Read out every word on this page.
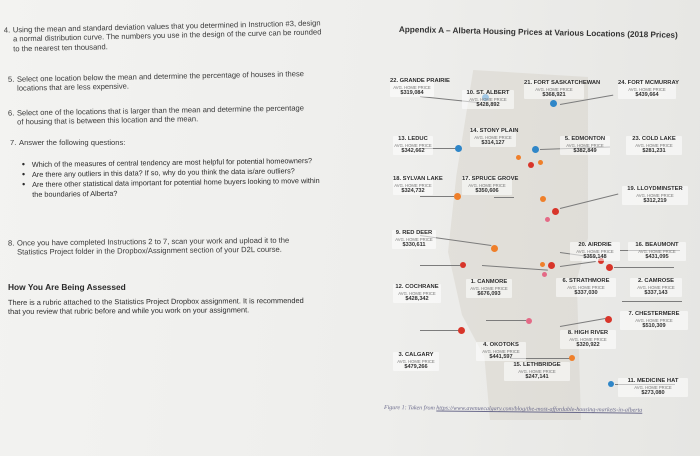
4. Using the mean and standard deviation values that you determined in Instruction #3, design a normal distribution curve. The numbers you use in the design of the curve can be rounded to the nearest ten thousand.
5. Select one location below the mean and determine the percentage of houses in these locations that are less expensive.
6. Select one of the locations that is larger than the mean and determine the percentage of housing that is between this location and the mean.
7. Answer the following questions:
• Which of the measures of central tendency are most helpful for potential homeowners?
• Are there any outliers in this data? If so, why do you think the data is/are outliers?
• Are there other statistical data important for potential home buyers looking to move within the boundaries of Alberta?
8. Once you have completed Instructions 2 to 7, scan your work and upload it to the Statistics Project folder in the Dropbox/Assignment section of your D2L course.
How You Are Being Assessed
There is a rubric attached to the Statistics Project Dropbox assignment. It is recommended that you review that rubric before and while you work on your assignment.
Appendix A – Alberta Housing Prices at Various Locations (2018 Prices)
22. GRANDE PRAIRIE
AVG. HOME PRICE
$319,084	10. ST. ALBERT
AVG. HOME PRICE
$428,892
21. FORT SASKATCHEWAN
AVG. HOME PRICE
$368,921
24. FORT MCMURRAY
AVG. HOME PRICE
$439,664
13. LEDUC
AVG. HOME PRICE
$342,662
14. STONY PLAIN
AVG. HOME PRICE
$314,127
5. EDMONTON
AVG. HOME PRICE
$382,849
23. COLD LAKE
AVG. HOME PRICE
$281,231
18. SYLVAN LAKE
AVG. HOME PRICE
$324,732
17. SPRUCE GROVE
AVG. HOME PRICE
$350,606	19. LLOYDMINSTER
AVG. HOME PRICE
$312,219
9. RED DEER
AVG. HOME PRICE
$330,611	20. AIRDRIE
AVG. HOME PRICE
$359,148
16. BEAUMONT
AVG. HOME PRICE
$431,095
12. COCHRANE
AVG. HOME PRICE
$428,342
1. CANMORE
AVG. HOME PRICE
$676,093
6. STRATHMORE
AVG. HOME PRICE
$337,030
2. CAMROSE
AVG. HOME PRICE
$337,143
7. CHESTERMERE
AVG. HOME PRICE
$510,309
3. CALGARY
AVG. HOME PRICE
$479,266
4. OKOTOKS
AVG. HOME PRICE
$441,597
8. HIGH RIVER
AVG. HOME PRICE
$320,922
15. LETHBRIDGE
AVG. HOME PRICE
$247,141
11. MEDICINE HAT
AVG. HOME PRICE
$273,080
Figure 1: Taken from https://www.avenuecalgary.com/blog/the-most-affordable-housing-markets-in-alberta
